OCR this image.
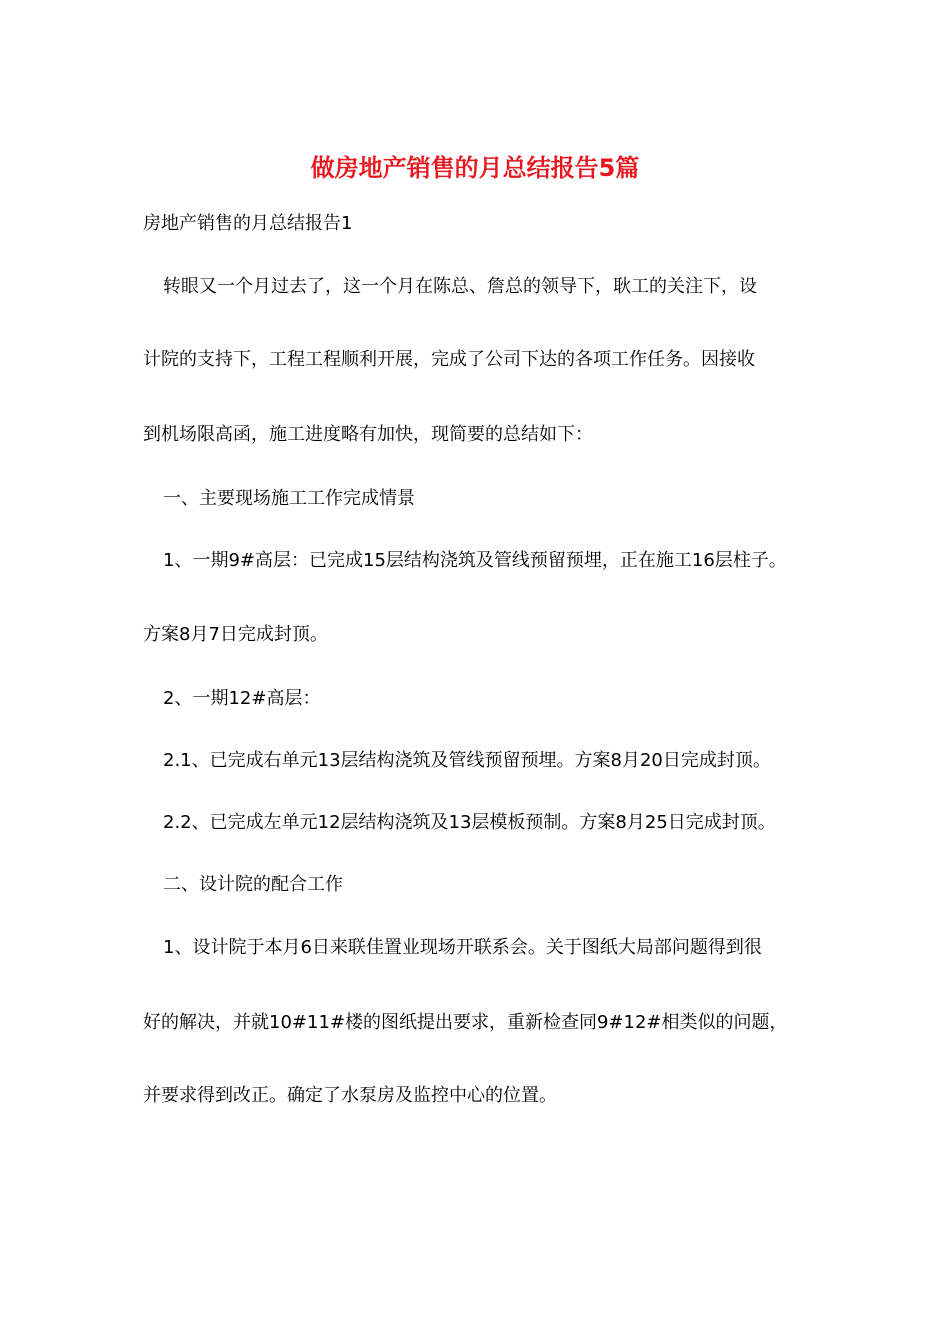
做房地产销售的月总结报告5篇
房地产销售的月总结报告1
转眼又一个月过去了，这一个月在陈总、詹总的领导下，耿工的关注下，设
计院的支持下，工程工程顺利开展，完成了公司下达的各项工作任务。因接收
到机场限高函，施工进度略有加快，现简要的总结如下：
一、主要现场施工工作完成情景
1、一期9#高层：已完成15层结构浇筑及管线预留预埋，正在施工16层柱子。
方案8月7日完成封顶。
2、一期12#高层：
2.1、已完成右单元13层结构浇筑及管线预留预埋。方案8月20日完成封顶。
2.2、已完成左单元12层结构浇筑及13层模板预制。方案8月25日完成封顶。
二、设计院的配合工作
1、设计院于本月6日来联佳置业现场开联系会。关于图纸大局部问题得到很
好的解决，并就10#11#楼的图纸提出要求，重新检查同9#12#相类似的问题，
并要求得到改正。确定了水泵房及监控中心的位置。
